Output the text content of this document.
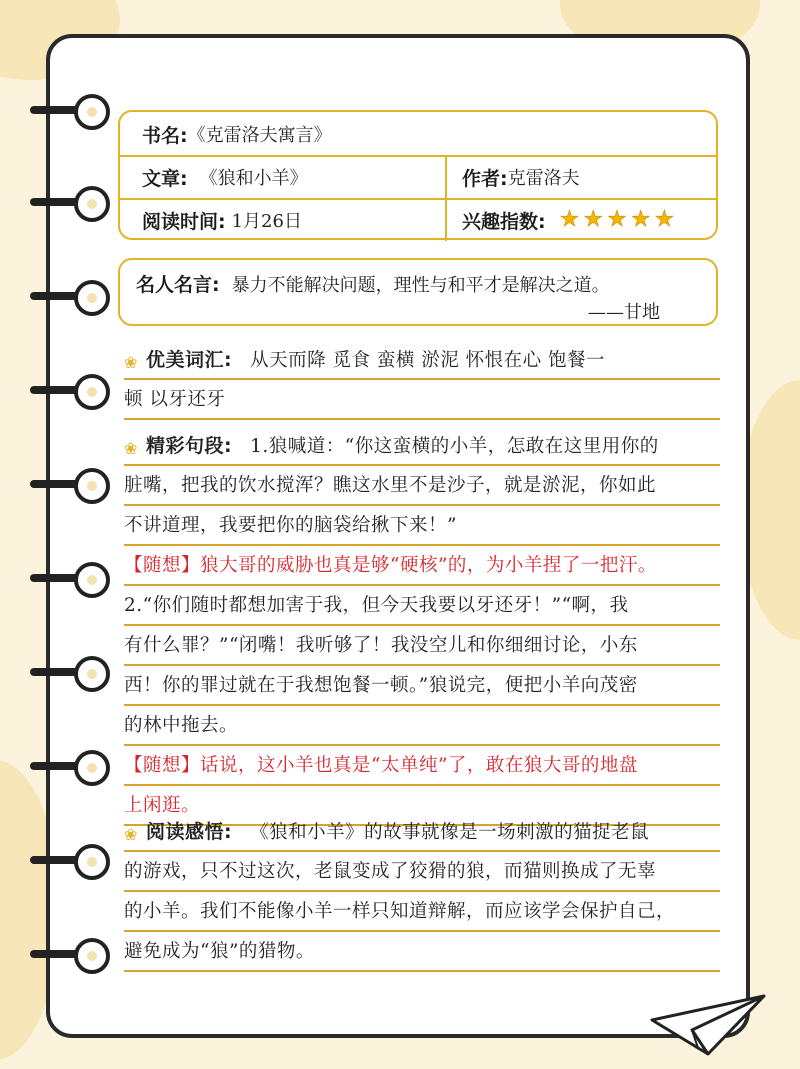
书名: 《克雷洛夫寓言》
文章: 《狼和小羊》	作者: 克雷洛夫
阅读时间: 1月26日	兴趣指数: ★ ★ ★ ★ ★
名人名言: 暴力不能解决问题，理性与和平才是解决之道。
——甘地
❀ 优美词汇: 从天而降 觅食 蛮横 淤泥 怀恨在心 饱餐一
顿 以牙还牙
❀ 精彩句段: 1.狼喊道：“你这蛮横的小羊，怎敢在这里用你的
脏嘴，把我的饮水搅浑？瞧这水里不是沙子，就是淤泥，你如此
不讲道理，我要把你的脑袋给揪下来！”
【随想】狼大哥的威胁也真是够“硬核”的，为小羊捏了一把汗。
2.“你们随时都想加害于我，但今天我要以牙还牙！”“啊，我
有什么罪？”“闭嘴！我听够了！我没空儿和你细细讨论，小东
西！你的罪过就在于我想饱餐一顿。”狼说完，便把小羊向茂密
的林中拖去。
【随想】话说，这小羊也真是“太单纯”了，敢在狼大哥的地盘
上闲逛。
❀ 阅读感悟: 《狼和小羊》的故事就像是一场刺激的猫捉老鼠
的游戏，只不过这次，老鼠变成了狡猾的狼，而猫则换成了无辜
的小羊。我们不能像小羊一样只知道辩解，而应该学会保护自己，
避免成为“狼”的猎物。
